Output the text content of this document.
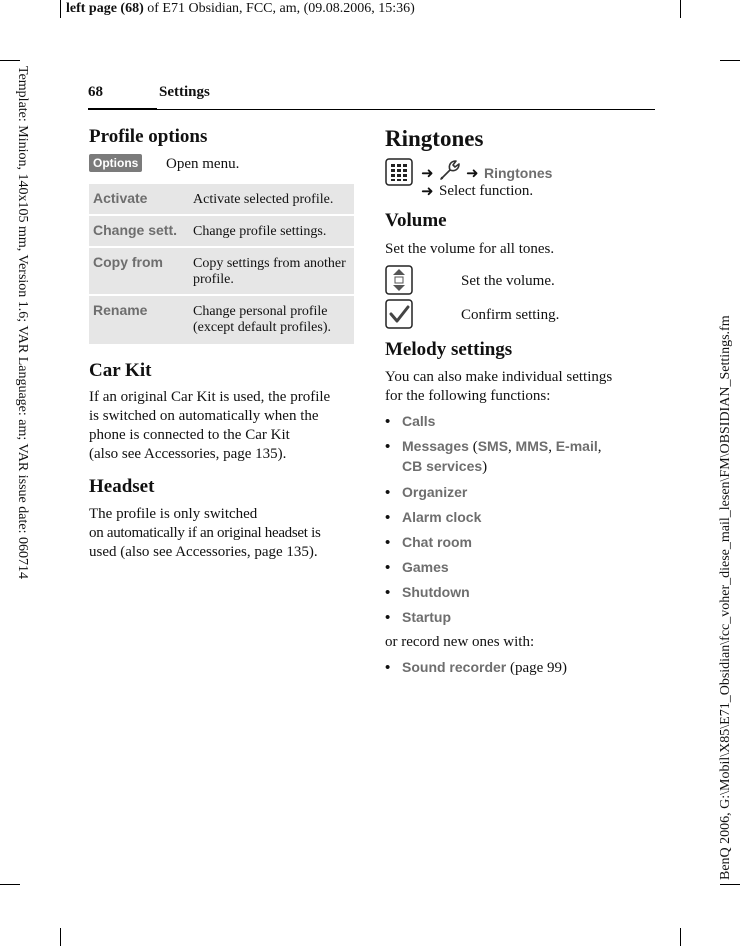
left page (68) of E71 Obsidian, FCC, am, (09.08.2006, 15:36)
Template: Minion, 140x105 mm, Version 1.6; VAR Language: am; VAR issue date: 060714	BenQ 2006, G:\Mobil\X85\E71_Obsidian\fcc_voher_diese_mail_lesen\FM\OBSIDIAN_Settings.fm
68	Settings
Profile options
Options Open menu.
Activate	Activate selected profile.
Change sett.	Change profile settings.
Copy from	Copy settings from another profile.
Rename	Change personal profile (except default profiles).
Car Kit
If an original Car Kit is used, the profile
is switched on automatically when the
phone is connected to the Car Kit
(also see Accessories, page 135).
Headset
The profile is only switched
on automatically if an original headset is
used (also see Accessories, page 135).
Ringtones
➜ ➜ Ringtones
➜ Select function.
Volume
Set the volume for all tones.
Set the volume.
Confirm setting.
Melody settings
You can also make individual settings
for the following functions:
• Calls
• Messages (SMS, MMS, E-mail,
CB services)
• Organizer
• Alarm clock
• Chat room
• Games
• Shutdown
• Startup
or record new ones with:
• Sound recorder (page 99)
